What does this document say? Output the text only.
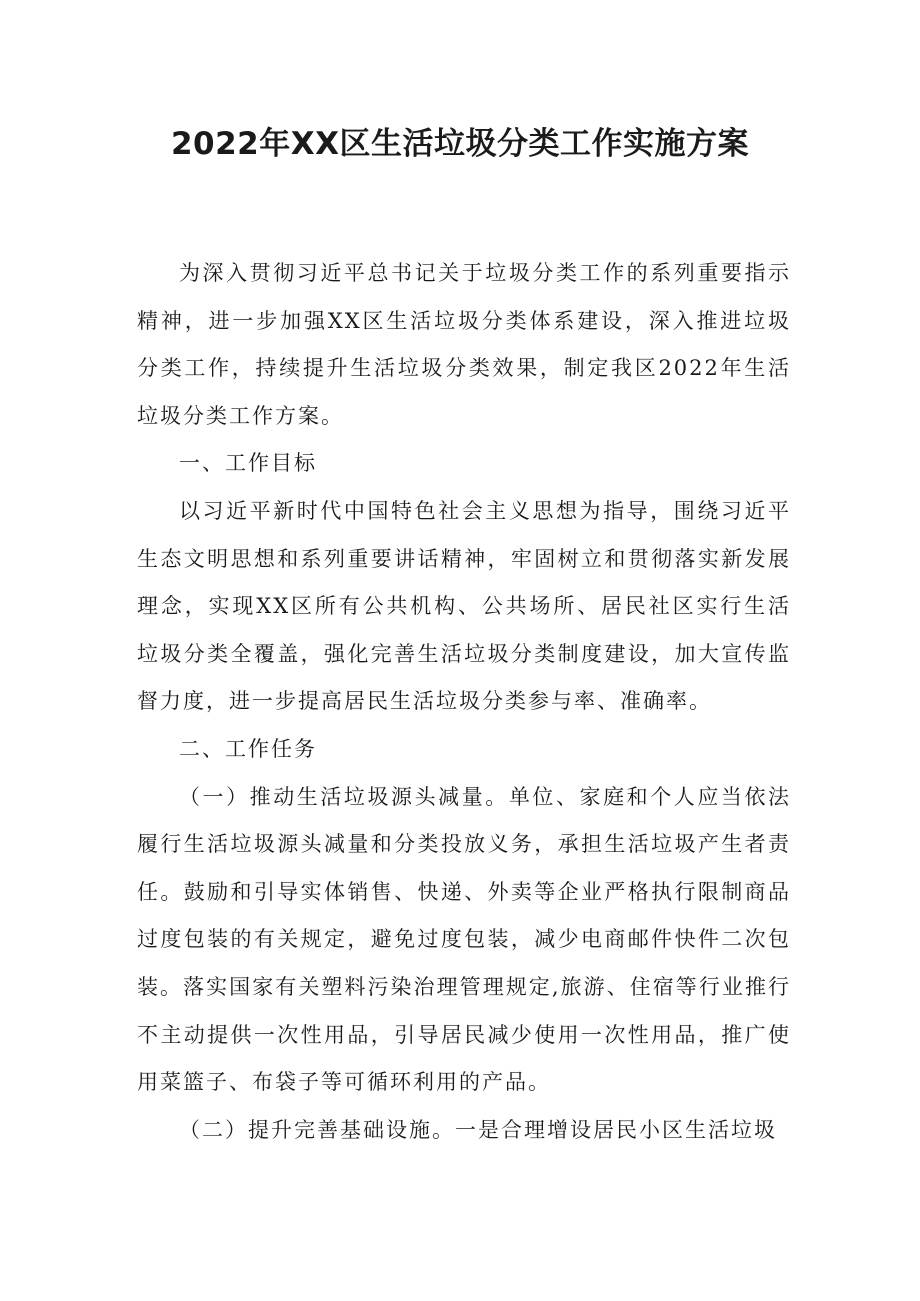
2022年XX区生活垃圾分类工作实施方案

为深入贯彻习近平总书记关于垃圾分类工作的系列重要指示精神，进一步加强XX区生活垃圾分类体系建设，深入推进垃圾分类工作，持续提升生活垃圾分类效果，制定我区2022年生活垃圾分类工作方案。

一、工作目标

以习近平新时代中国特色社会主义思想为指导，围绕习近平生态文明思想和系列重要讲话精神，牢固树立和贯彻落实新发展理念，实现XX区所有公共机构、公共场所、居民社区实行生活垃圾分类全覆盖，强化完善生活垃圾分类制度建设，加大宣传监督力度，进一步提高居民生活垃圾分类参与率、准确率。

二、工作任务

（一）推动生活垃圾源头减量。单位、家庭和个人应当依法履行生活垃圾源头减量和分类投放义务，承担生活垃圾产生者责任。鼓励和引导实体销售、快递、外卖等企业严格执行限制商品过度包装的有关规定，避免过度包装，减少电商邮件快件二次包装。落实国家有关塑料污染治理管理规定,旅游、住宿等行业推行不主动提供一次性用品，引导居民减少使用一次性用品，推广使用菜篮子、布袋子等可循环利用的产品。

（二）提升完善基础设施。一是合理增设居民小区生活垃圾
